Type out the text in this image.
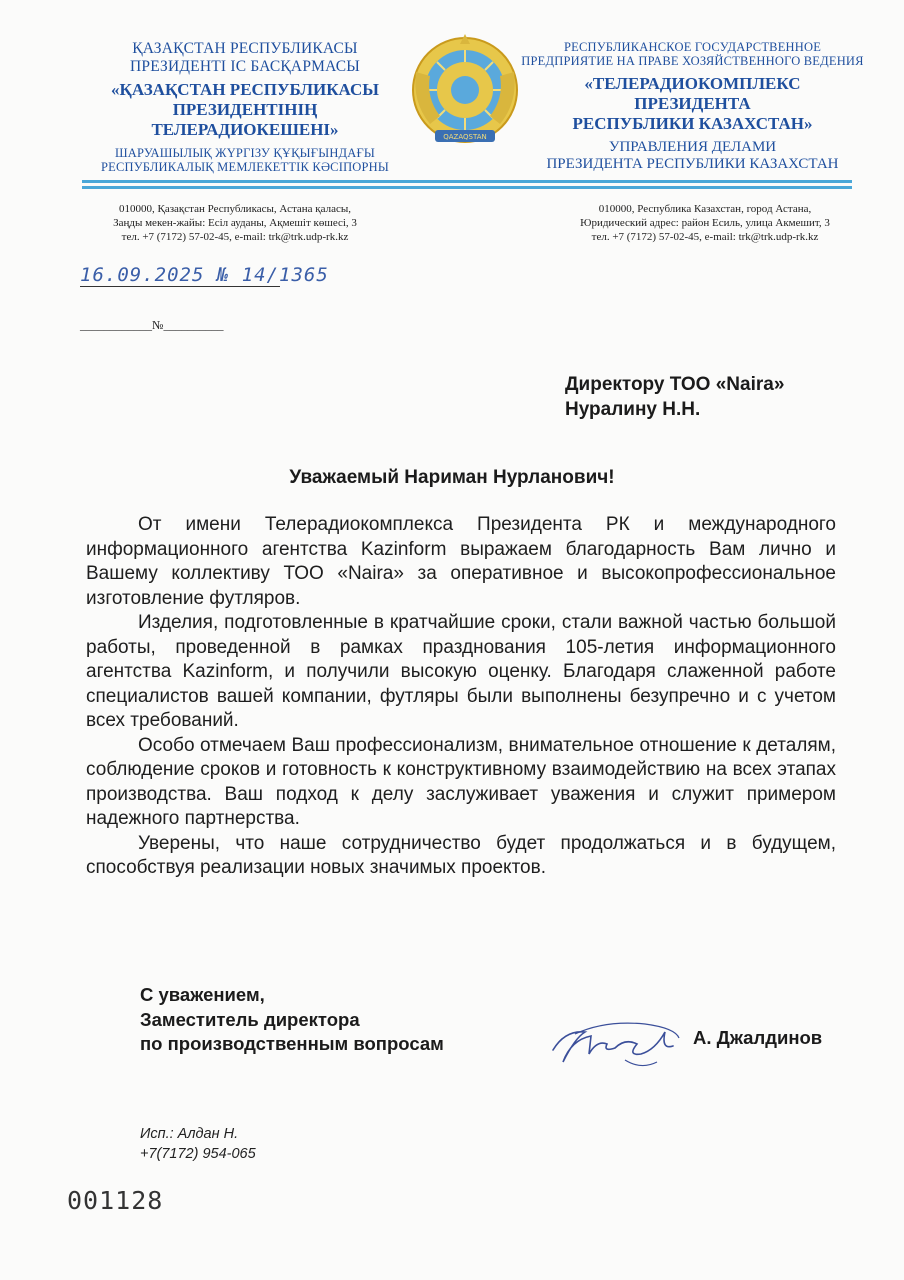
ҚАЗАҚСТАН РЕСПУБЛИКАСЫ
ПРЕЗИДЕНТІ ІС БАСҚАРМАСЫ
«ҚАЗАҚСТАН РЕСПУБЛИКАСЫ
ПРЕЗИДЕНТІНІҢ
ТЕЛЕРАДИОКЕШЕНІ»
ШАРУАШЫЛЫҚ ЖҮРГІЗУ ҚҰҚЫҒЫНДАҒЫ
РЕСПУБЛИКАЛЫҚ МЕМЛЕКЕТТІК КӘСІПОРНЫ
QAZAQSTAN
РЕСПУБЛИКАНСКОЕ ГОСУДАРСТВЕННОЕ
ПРЕДПРИЯТИЕ НА ПРАВЕ ХОЗЯЙСТВЕННОГО ВЕДЕНИЯ
«ТЕЛЕРАДИОКОМПЛЕКС
ПРЕЗИДЕНТА
РЕСПУБЛИКИ КАЗАХСТАН»
УПРАВЛЕНИЯ ДЕЛАМИ
ПРЕЗИДЕНТА РЕСПУБЛИКИ КАЗАХСТАН
010000, Қазақстан Республикасы, Астана қаласы,
Заңды мекен-жайы: Есіл ауданы, Ақмешіт көшесі, 3
тел. +7 (7172) 57-02-45, e-mail: trk@trk.udp-rk.kz
010000, Республика Казахстан, город Астана,
Юридический адрес: район Есиль, улица Акмешит, 3
тел. +7 (7172) 57-02-45, e-mail: trk@trk.udp-rk.kz
16.09.2025 № 14/1365
____________№__________
Директору ТОО «Naira»
Нуралину Н.Н.
Уважаемый Нариман Нурланович!

От имени Телерадиокомплекса Президента РК и международного информационного агентства Kazinform выражаем благодарность Вам лично и Вашему коллективу ТОО «Naira» за оперативное и высокопрофессиональное изготовление футляров.

Изделия, подготовленные в кратчайшие сроки, стали важной частью большой работы, проведенной в рамках празднования 105-летия информационного агентства Kazinform, и получили высокую оценку. Благодаря слаженной работе специалистов вашей компании, футляры были выполнены безупречно и с учетом всех требований.

Особо отмечаем Ваш профессионализм, внимательное отношение к деталям, соблюдение сроков и готовность к конструктивному взаимодействию на всех этапах производства. Ваш подход к делу заслуживает уважения и служит примером надежного партнерства.

Уверены, что наше сотрудничество будет продолжаться и в будущем, способствуя реализации новых значимых проектов.

С уважением,
Заместитель директора
по производственным вопросам	А. Джалдинов
Исп.: Алдан Н.
+7(7172) 954-065
001128
